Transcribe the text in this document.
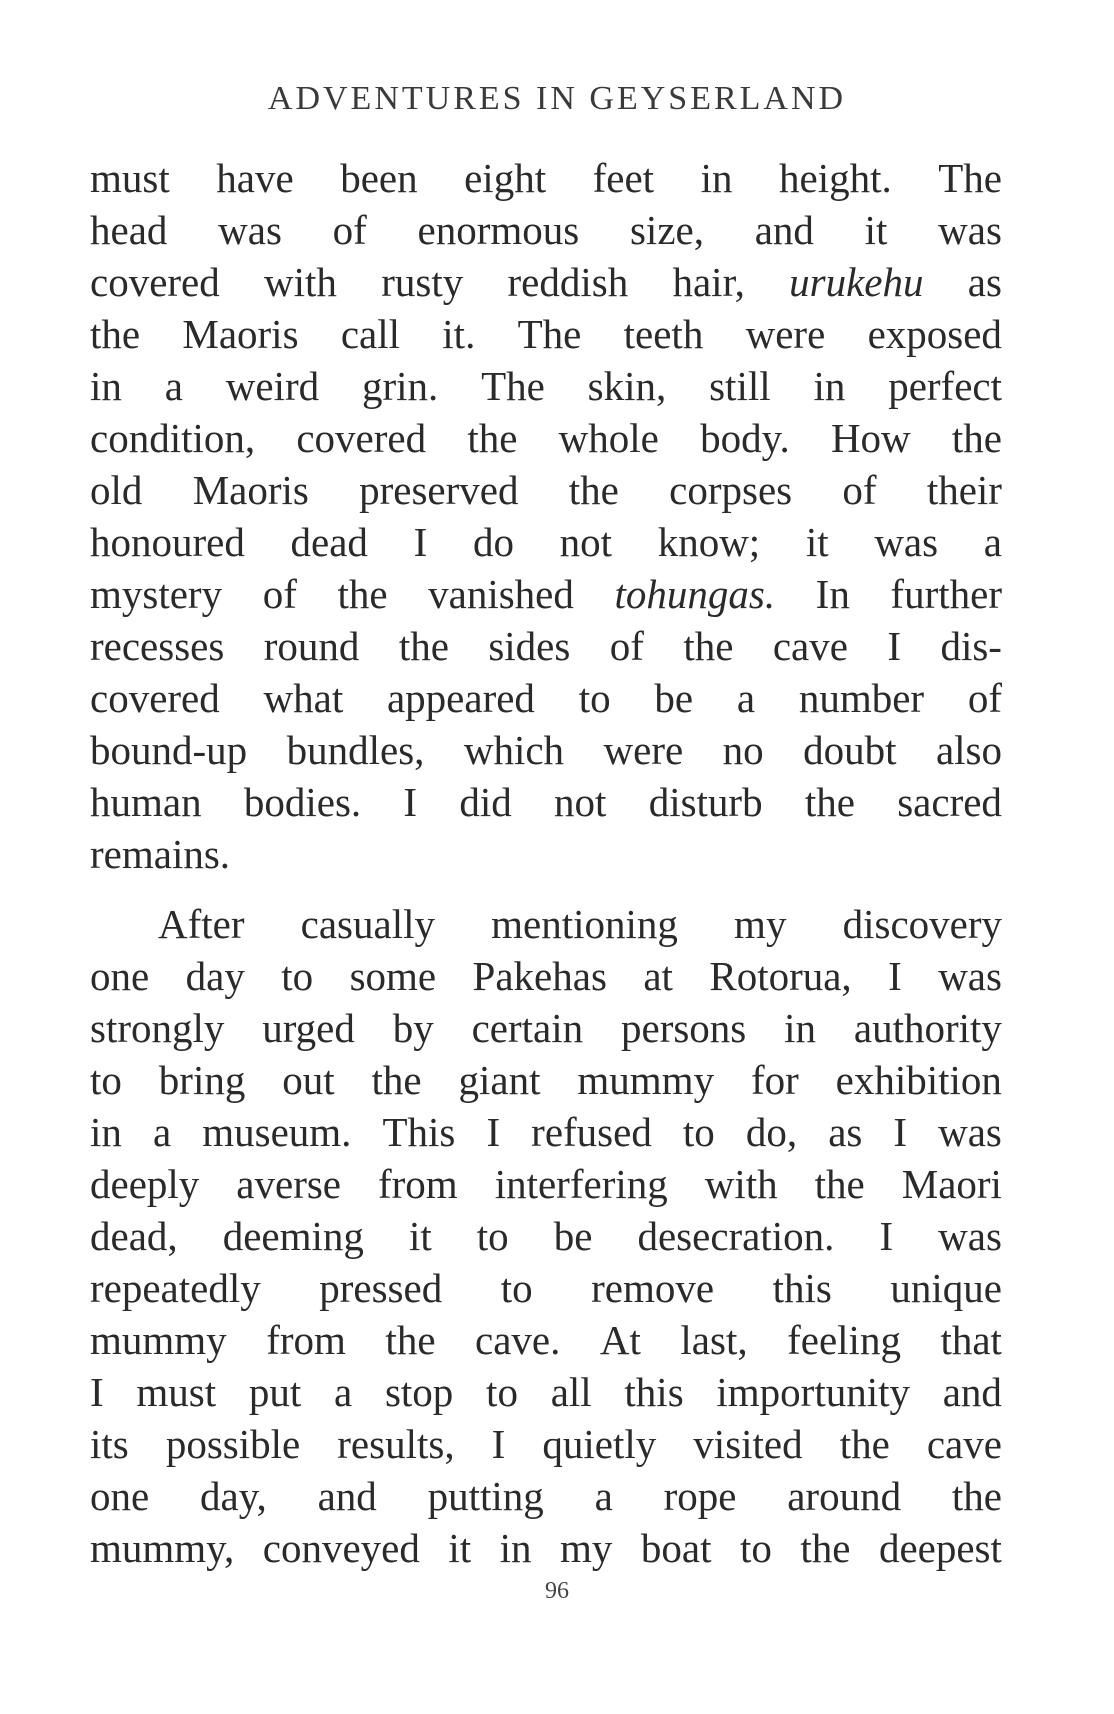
ADVENTURES IN GEYSERLAND
must have been eight feet in height. The
head was of enormous size, and it was
covered with rusty reddish hair, urukehu as
the Maoris call it. The teeth were exposed
in a weird grin. The skin, still in perfect
condition, covered the whole body. How the
old Maoris preserved the corpses of their
honoured dead I do not know; it was a
mystery of the vanished tohungas. In further
recesses round the sides of the cave I dis-
covered what appeared to be a number of
bound-up bundles, which were no doubt also
human bodies. I did not disturb the sacred
remains.
After casually mentioning my discovery
one day to some Pakehas at Rotorua, I was
strongly urged by certain persons in authority
to bring out the giant mummy for exhibition
in a museum. This I refused to do, as I was
deeply averse from interfering with the Maori
dead, deeming it to be desecration. I was
repeatedly pressed to remove this unique
mummy from the cave. At last, feeling that
I must put a stop to all this importunity and
its possible results, I quietly visited the cave
one day, and putting a rope around the
mummy, conveyed it in my boat to the deepest
96
